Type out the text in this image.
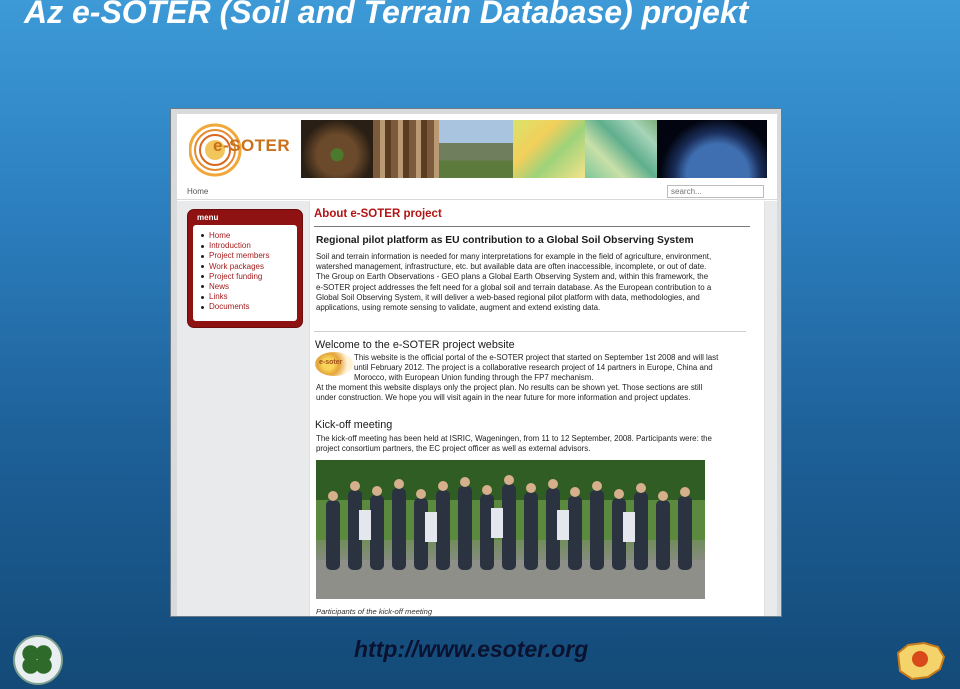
Az e-SOTER (Soil and Terrain Database) projekt
e-SOTER
Home
search...
menu
Home
Introduction
Project members
Work packages
Project funding
News
Links
Documents
About e-SOTER project
Regional pilot platform as EU contribution to a Global Soil Observing System
Soil and terrain information is needed for many interpretations for example in the field of agriculture, environment,
watershed management, infrastructure, etc. but available data are often inaccessible, incomplete, or out of date.
The Group on Earth Observations - GEO plans a Global Earth Observing System and, within this framework, the
e-SOTER project addresses the felt need for a global soil and terrain database. As the European contribution to a
Global Soil Observing System, it will deliver a web-based regional pilot platform with data, methodologies, and
applications, using remote sensing to validate, augment and extend existing data.
Welcome to the e-SOTER project website
e-soter
This website is the official portal of the e-SOTER project that started on September 1st 2008 and will last
until February 2012. The project is a collaborative research project of 14 partners in Europe, China and
Morocco, with European Union funding through the FP7 mechanism.
At the moment this website displays only the project plan. No results can be shown yet. Those sections are still
under construction. We hope you will visit again in the near future for more information and project updates.
Kick-off meeting
The kick-off meeting has been held at ISRIC, Wageningen, from 11 to 12 September, 2008. Participants were: the
project consortium partners, the EC project officer as well as external advisors.
Participants of the kick-off meeting
http://www.esoter.org
